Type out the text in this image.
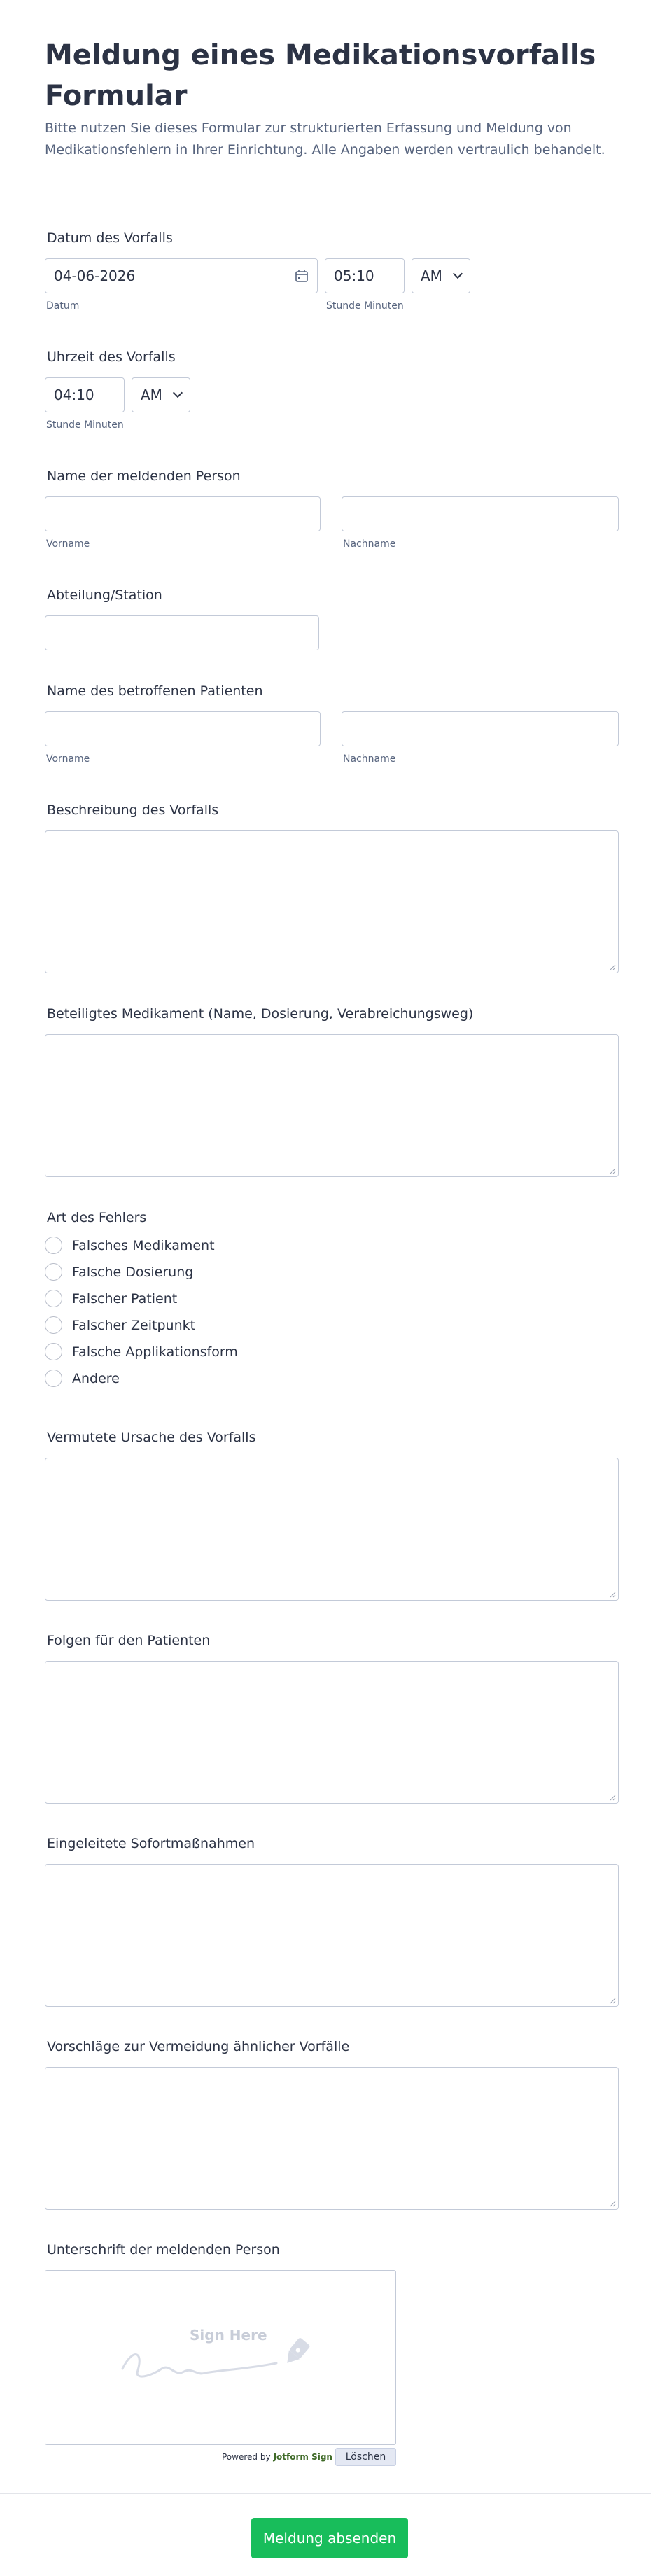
Meldung eines Medikationsvorfalls Formular
Bitte nutzen Sie dieses Formular zur strukturierten Erfassung und Meldung von Medikationsfehlern in Ihrer Einrichtung. Alle Angaben werden vertraulich behandelt.
Datum des Vorfalls
04-06-2026
Datum
05:10	AM
Stunde Minuten
Uhrzeit des Vorfalls
04:10	AM
Stunde Minuten
Name der meldenden Person
Vorname	Nachname
Abteilung/Station
Name des betroffenen Patienten
Vorname	Nachname
Beschreibung des Vorfalls
Beteiligtes Medikament (Name, Dosierung, Verabreichungsweg)
Art des Fehlers
Falsches Medikament
Falsche Dosierung
Falscher Patient
Falscher Zeitpunkt
Falsche Applikationsform
Andere
Vermutete Ursache des Vorfalls
Folgen für den Patienten
Eingeleitete Sofortmaßnahmen
Vorschläge zur Vermeidung ähnlicher Vorfälle
Unterschrift der meldenden Person
Sign Here
Powered by Jotform Sign Löschen
Meldung absenden
